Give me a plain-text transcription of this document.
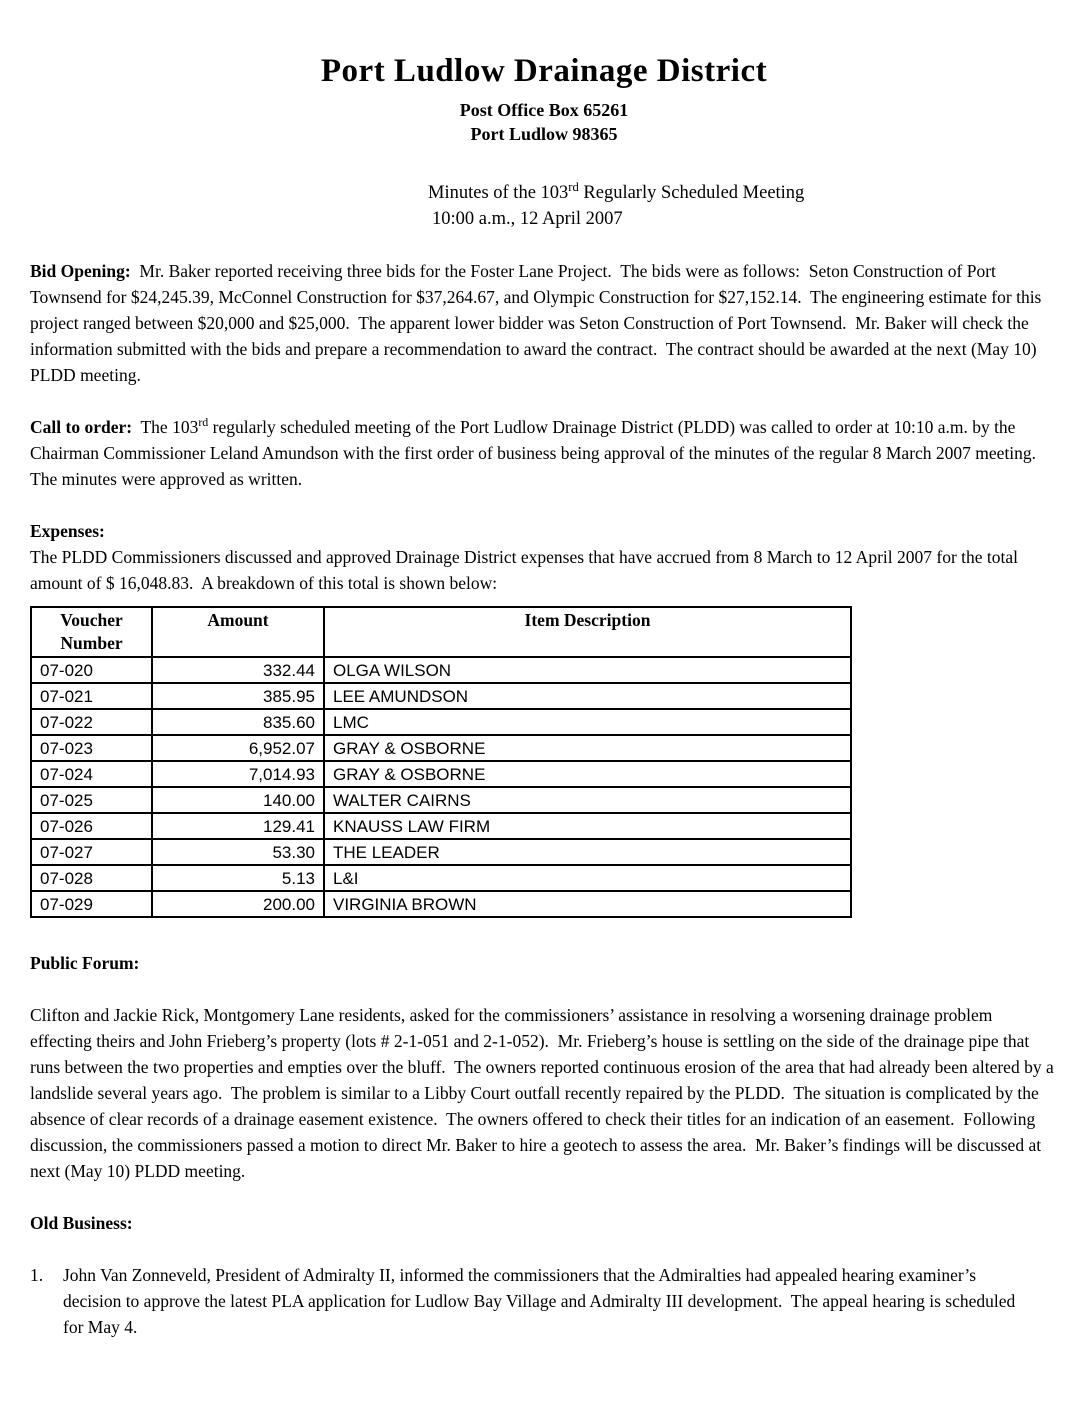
Port Ludlow Drainage District
Post Office Box 65261
Port Ludlow 98365
Minutes of the 103rd Regularly Scheduled Meeting
10:00 a.m., 12 April 2007
Bid Opening:  Mr. Baker reported receiving three bids for the Foster Lane Project.  The bids were as follows:  Seton Construction of Port Townsend for $24,245.39, McConnel Construction for $37,264.67, and Olympic Construction for $27,152.14.  The engineering estimate for this project ranged between $20,000 and $25,000.  The apparent lower bidder was Seton Construction of Port Townsend.  Mr. Baker will check the information submitted with the bids and prepare a recommendation to award the contract.  The contract should be awarded at the next (May 10) PLDD meeting.
Call to order:  The 103rd regularly scheduled meeting of the Port Ludlow Drainage District (PLDD) was called to order at 10:10 a.m. by the Chairman Commissioner Leland Amundson with the first order of business being approval of the minutes of the regular 8 March 2007 meeting.  The minutes were approved as written.
Expenses:
The PLDD Commissioners discussed and approved Drainage District expenses that have accrued from 8 March to 12 April 2007 for the total amount of $ 16,048.83.  A breakdown of this total is shown below:
Voucher Number	Amount	Item Description
07-020	332.44	OLGA WILSON
07-021	385.95	LEE AMUNDSON
07-022	835.60	LMC
07-023	6,952.07	GRAY & OSBORNE
07-024	7,014.93	GRAY & OSBORNE
07-025	140.00	WALTER CAIRNS
07-026	129.41	KNAUSS LAW FIRM
07-027	53.30	THE LEADER
07-028	5.13	L&I
07-029	200.00	VIRGINIA BROWN
Public Forum:
Clifton and Jackie Rick, Montgomery Lane residents, asked for the commissioners’ assistance in resolving a worsening drainage problem effecting theirs and John Frieberg’s property (lots # 2-1-051 and 2-1-052).  Mr. Frieberg’s house is settling on the side of the drainage pipe that runs between the two properties and empties over the bluff.  The owners reported continuous erosion of the area that had already been altered by a landslide several years ago.  The problem is similar to a Libby Court outfall recently repaired by the PLDD.  The situation is complicated by the absence of clear records of a drainage easement existence.  The owners offered to check their titles for an indication of an easement.  Following discussion, the commissioners passed a motion to direct Mr. Baker to hire a geotech to assess the area.  Mr. Baker’s findings will be discussed at next (May 10) PLDD meeting.
Old Business:
1.	John Van Zonneveld, President of Admiralty II, informed the commissioners that the Admiralties had appealed hearing examiner’s decision to approve the latest PLA application for Ludlow Bay Village and Admiralty III development.  The appeal hearing is scheduled for May 4.
